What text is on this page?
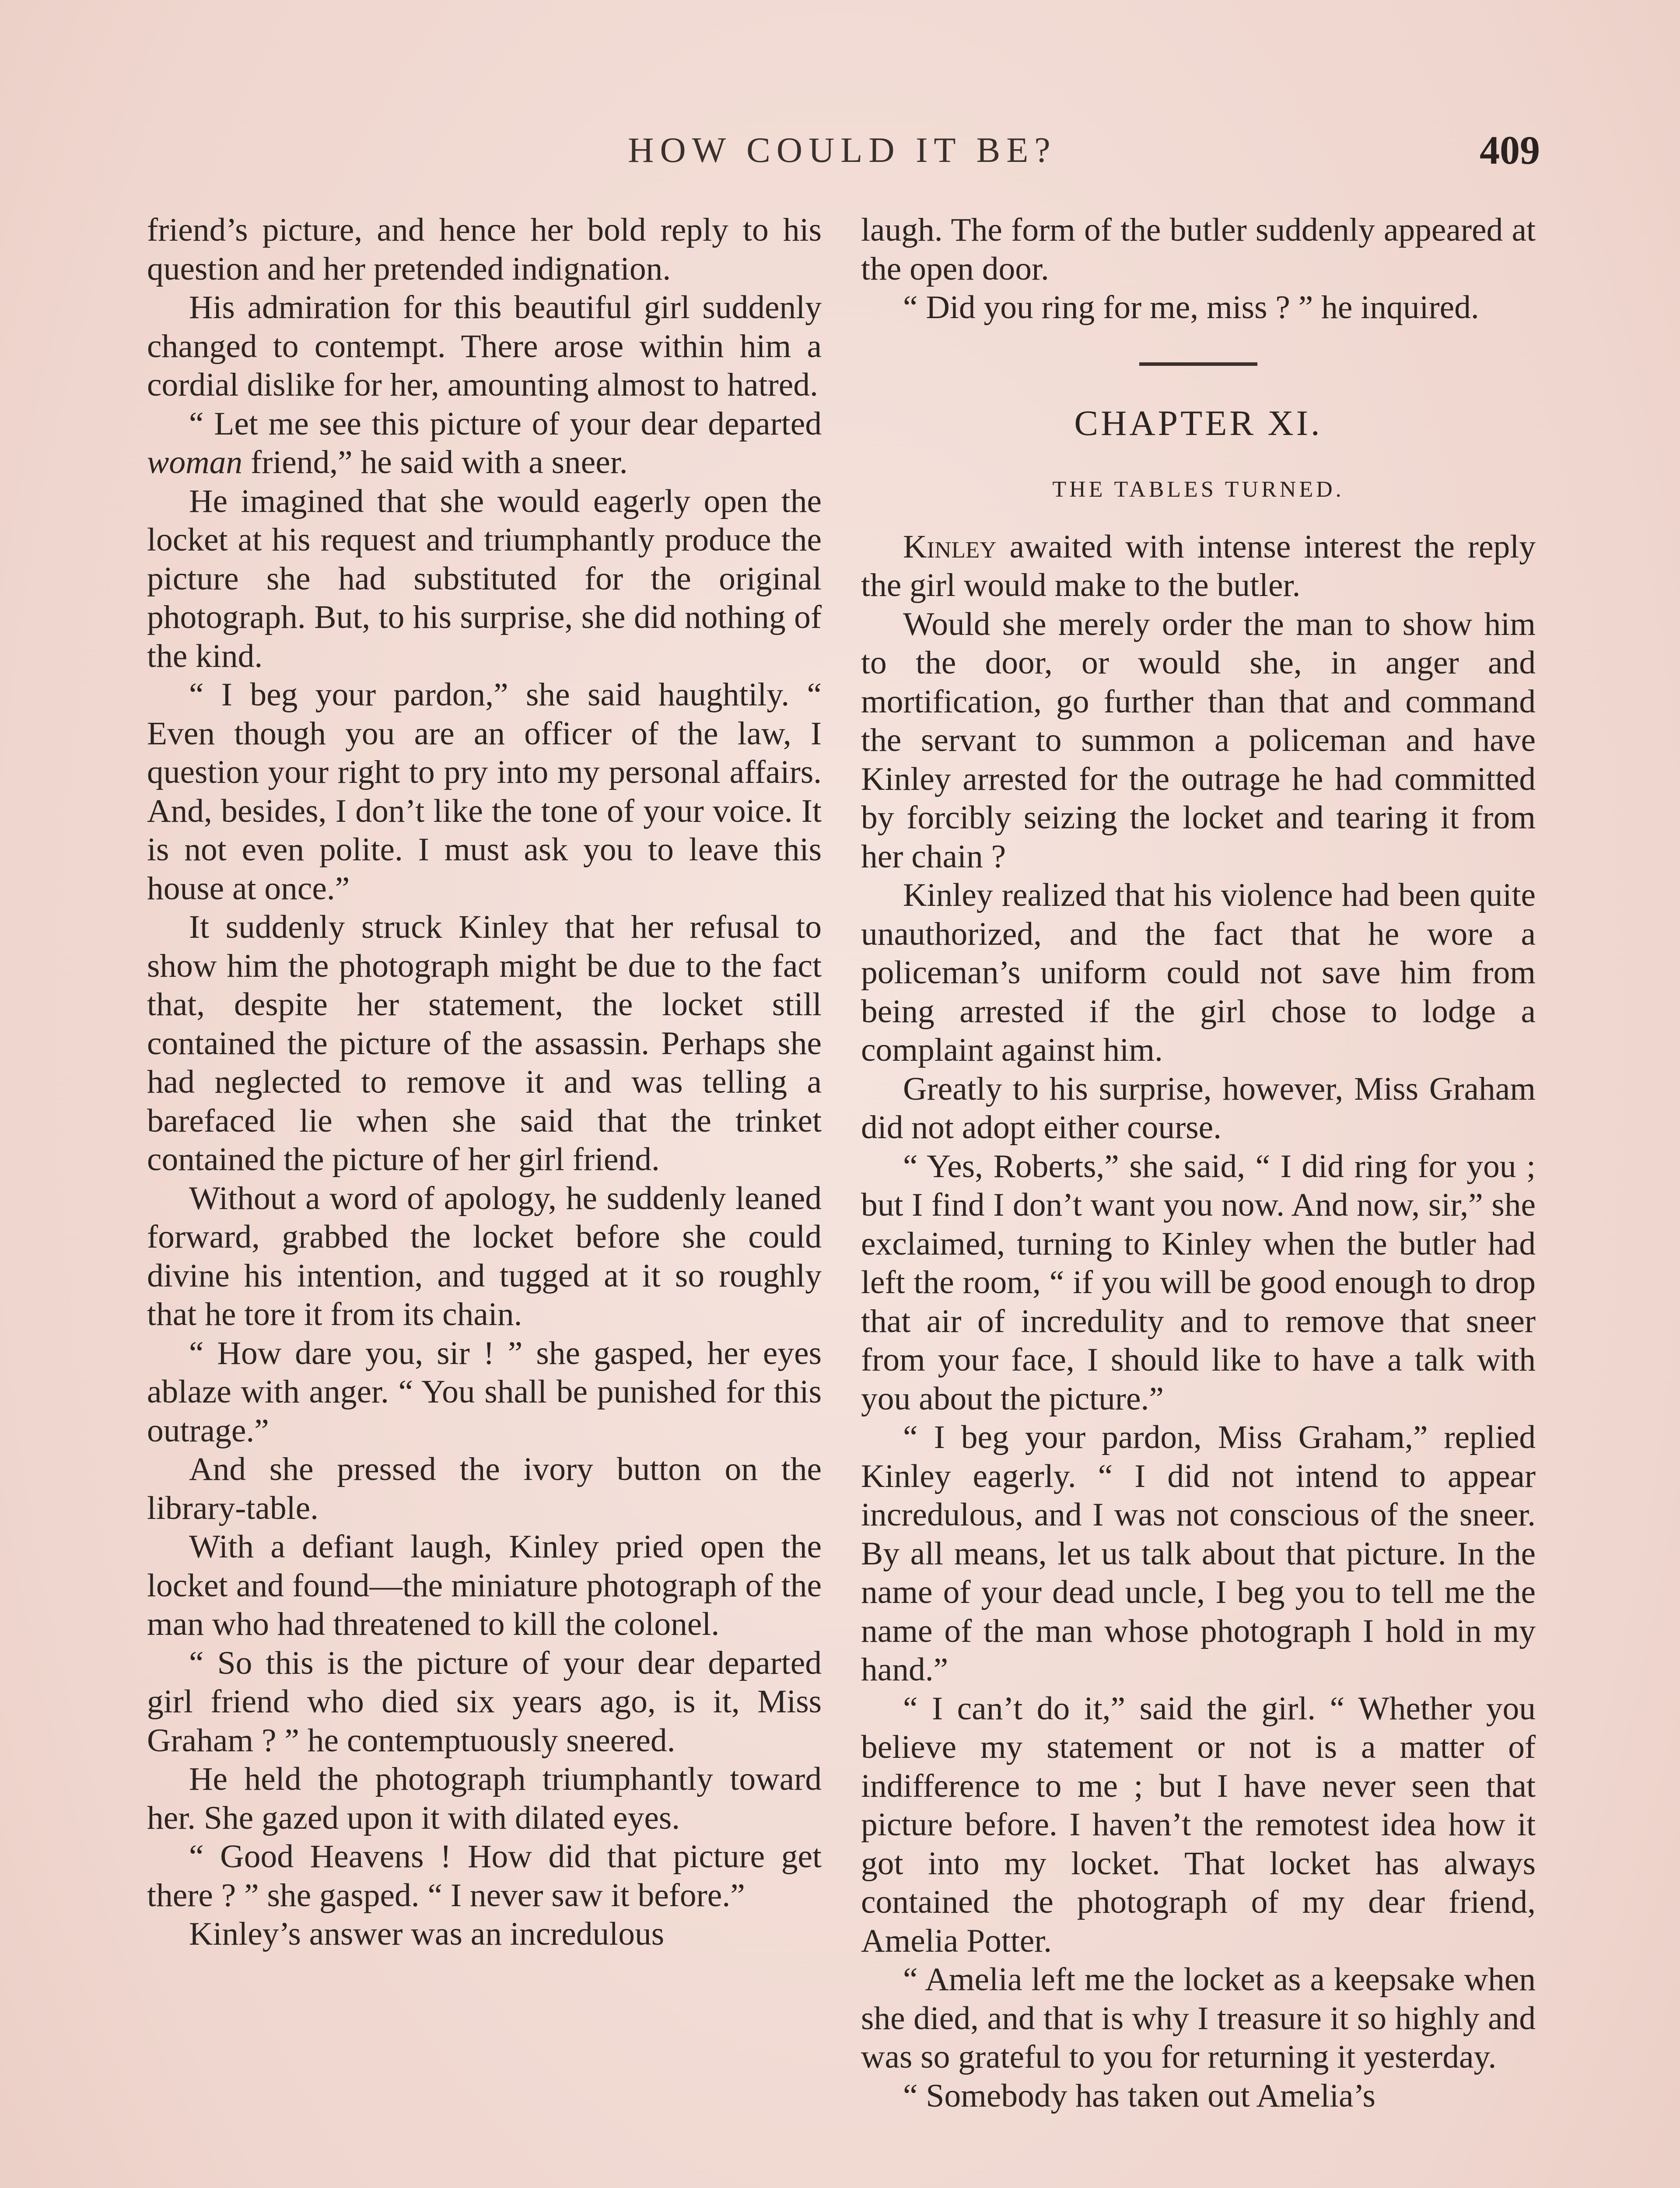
HOW COULD IT BE?	409

friend’s picture, and hence her bold reply to his question and her pretended indignation.

His admiration for this beautiful girl suddenly changed to contempt. There arose within him a cordial dislike for her, amounting almost to hatred.

“ Let me see this picture of your dear departed woman friend,” he said with a sneer.

He imagined that she would eagerly open the locket at his request and triumphantly produce the picture she had substituted for the original photograph. But, to his surprise, she did nothing of the kind.

“ I beg your pardon,” she said haughtily. “ Even though you are an officer of the law, I question your right to pry into my personal affairs. And, besides, I don’t like the tone of your voice. It is not even polite. I must ask you to leave this house at once.”

It suddenly struck Kinley that her refusal to show him the photograph might be due to the fact that, despite her statement, the locket still contained the picture of the assassin. Perhaps she had neglected to remove it and was telling a barefaced lie when she said that the trinket contained the picture of her girl friend.

Without a word of apology, he suddenly leaned forward, grabbed the locket before she could divine his intention, and tugged at it so roughly that he tore it from its chain.

“ How dare you, sir ! ” she gasped, her eyes ablaze with anger. “ You shall be punished for this outrage.”

And she pressed the ivory button on the library-table.

With a defiant laugh, Kinley pried open the locket and found—the miniature photograph of the man who had threatened to kill the colonel.

“ So this is the picture of your dear departed girl friend who died six years ago, is it, Miss Graham ? ” he contemptuously sneered.

He held the photograph triumphantly toward her. She gazed upon it with dilated eyes.

“ Good Heavens ! How did that picture get there ? ” she gasped. “ I never saw it before.”

Kinley’s answer was an incredulous

laugh. The form of the butler suddenly appeared at the open door.

“ Did you ring for me, miss ? ” he inquired.

CHAPTER XI.
THE TABLES TURNED.

Kinley awaited with intense interest the reply the girl would make to the butler.

Would she merely order the man to show him to the door, or would she, in anger and mortification, go further than that and command the servant to summon a policeman and have Kinley arrested for the outrage he had committed by forcibly seizing the locket and tearing it from her chain ?

Kinley realized that his violence had been quite unauthorized, and the fact that he wore a policeman’s uniform could not save him from being arrested if the girl chose to lodge a complaint against him.

Greatly to his surprise, however, Miss Graham did not adopt either course.

“ Yes, Roberts,” she said, “ I did ring for you ; but I find I don’t want you now. And now, sir,” she exclaimed, turning to Kinley when the butler had left the room, “ if you will be good enough to drop that air of incredulity and to remove that sneer from your face, I should like to have a talk with you about the picture.”

“ I beg your pardon, Miss Graham,” replied Kinley eagerly. “ I did not intend to appear incredulous, and I was not conscious of the sneer. By all means, let us talk about that picture. In the name of your dead uncle, I beg you to tell me the name of the man whose photograph I hold in my hand.”

“ I can’t do it,” said the girl. “ Whether you believe my statement or not is a matter of indifference to me ; but I have never seen that picture before. I haven’t the remotest idea how it got into my locket. That locket has always contained the photograph of my dear friend, Amelia Potter.

“ Amelia left me the locket as a keepsake when she died, and that is why I treasure it so highly and was so grateful to you for returning it yesterday.

“ Somebody has taken out Amelia’s
